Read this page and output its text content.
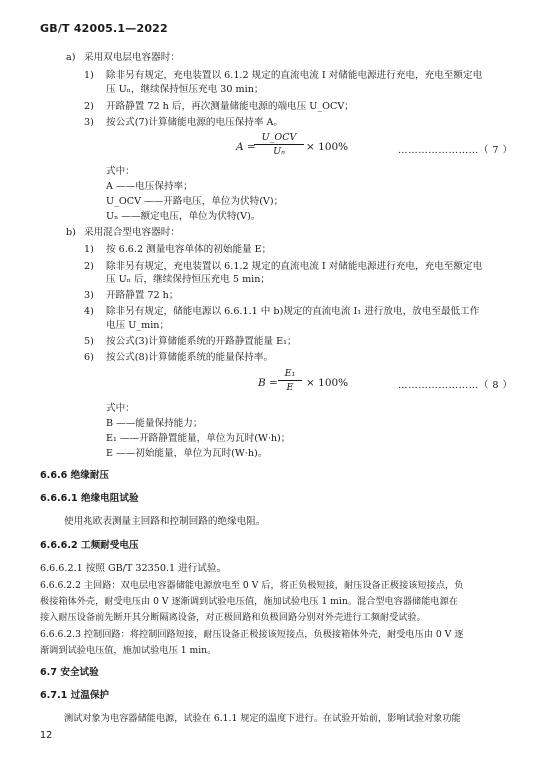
GB/T 42005.1—2022
a) 采用双电层电容器时：
1) 除非另有规定，充电装置以 6.1.2 规定的直流电流 I 对储能电源进行充电，充电至额定电
压 Uₙ，继续保持恒压充电 30 min；
2) 开路静置 72 h 后，再次测量储能电源的端电压 U_OCV；
3) 按公式(7)计算储能电源的电压保持率 A。
A =
U_OCV
Uₙ	× 100%	……………………（ 7 ）
式中：
A ——电压保持率；
U_OCV ——开路电压，单位为伏特(V)；
Uₙ ——额定电压，单位为伏特(V)。
b) 采用混合型电容器时：
1) 按 6.6.2 测量电容单体的初始能量 E；
2) 除非另有规定，充电装置以 6.1.2 规定的直流电流 I 对储能电源进行充电，充电至额定电
压 Uₙ 后，继续保持恒压充电 5 min；
3) 开路静置 72 h；
4) 除非另有规定，储能电源以 6.6.1.1 中 b)规定的直流电流 I₁ 进行放电，放电至最低工作
电压 U_min；
5) 按公式(3)计算储能系统的开路静置能量 E₁；
6) 按公式(8)计算储能系统的能量保持率。
$B = \frac{\text{E₁}}{E} \times 100\%$	……………………（ 8 ）
式中：
B ——能量保持能力；
E₁ ——开路静置能量，单位为瓦时(W·h)；
E ——初始能量，单位为瓦时(W·h)。
6.6.6 绝缘耐压
6.6.6.1 绝缘电阻试验
使用兆欧表测量主回路和控制回路的绝缘电阻。
6.6.6.2 工频耐受电压
6.6.6.2.1 按照 GB/T 32350.1 进行试验。
6.6.6.2.2 主回路：双电层电容器储能电源放电至 0 V 后，将正负极短接，耐压设备正极接该短接点，负
极接箱体外壳，耐受电压由 0 V 逐渐调到试验电压值，施加试验电压 1 min。混合型电容器储能电源在
接入耐压设备前先断开其分断隔离设备，对正极回路和负极回路分别对外壳进行工频耐受试验。
6.6.6.2.3 控制回路：将控制回路短接，耐压设备正极接该短接点，负极接箱体外壳，耐受电压由 0 V 逐
渐调到试验电压值，施加试验电压 1 min。
6.7 安全试验
6.7.1 过温保护
测试对象为电容器储能电源，试验在 6.1.1 规定的温度下进行。在试验开始前，影响试验对象功能
12
